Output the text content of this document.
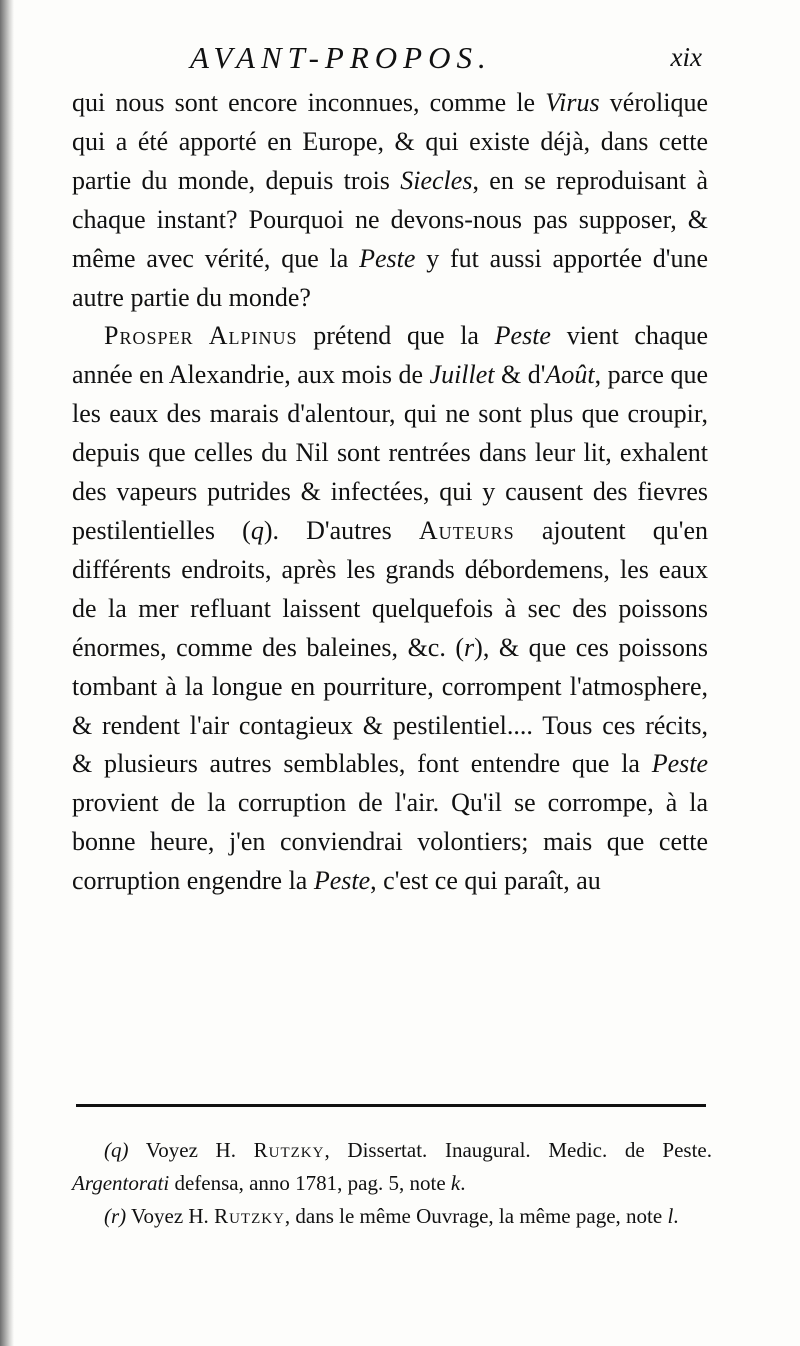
AVANT-PROPOS.	xix

qui nous sont encore inconnues, comme le Virus vérolique qui a été apporté en Europe, & qui existe déjà, dans cette partie du monde, depuis trois Siecles, en se reproduisant à chaque instant? Pourquoi ne devons-nous pas supposer, & même avec vérité, que la Peste y fut aussi apportée d'une autre partie du monde?

Prosper Alpinus prétend que la Peste vient chaque année en Alexandrie, aux mois de Juillet & d'Août, parce que les eaux des marais d'alentour, qui ne sont plus que croupir, depuis que celles du Nil sont rentrées dans leur lit, exhalent des vapeurs putrides & infectées, qui y causent des fievres pestilentielles (q). D'autres Auteurs ajoutent qu'en différents endroits, après les grands débordemens, les eaux de la mer refluant laissent quelquefois à sec des poissons énormes, comme des baleines, &c. (r), & que ces poissons tombant à la longue en pourriture, corrompent l'atmosphere, & rendent l'air contagieux & pestilentiel.... Tous ces récits, & plusieurs autres semblables, font entendre que la Peste provient de la corruption de l'air. Qu'il se corrompe, à la bonne heure, j'en conviendrai volontiers; mais que cette corruption engendre la Peste, c'est ce qui paraît, au

(q) Voyez H. Rutzky, Dissertat. Inaugural. Medic. de Peste. Argentorati defensa, anno 1781, pag. 5, note k.

(r) Voyez H. Rutzky, dans le même Ouvrage, la même page, note l.
